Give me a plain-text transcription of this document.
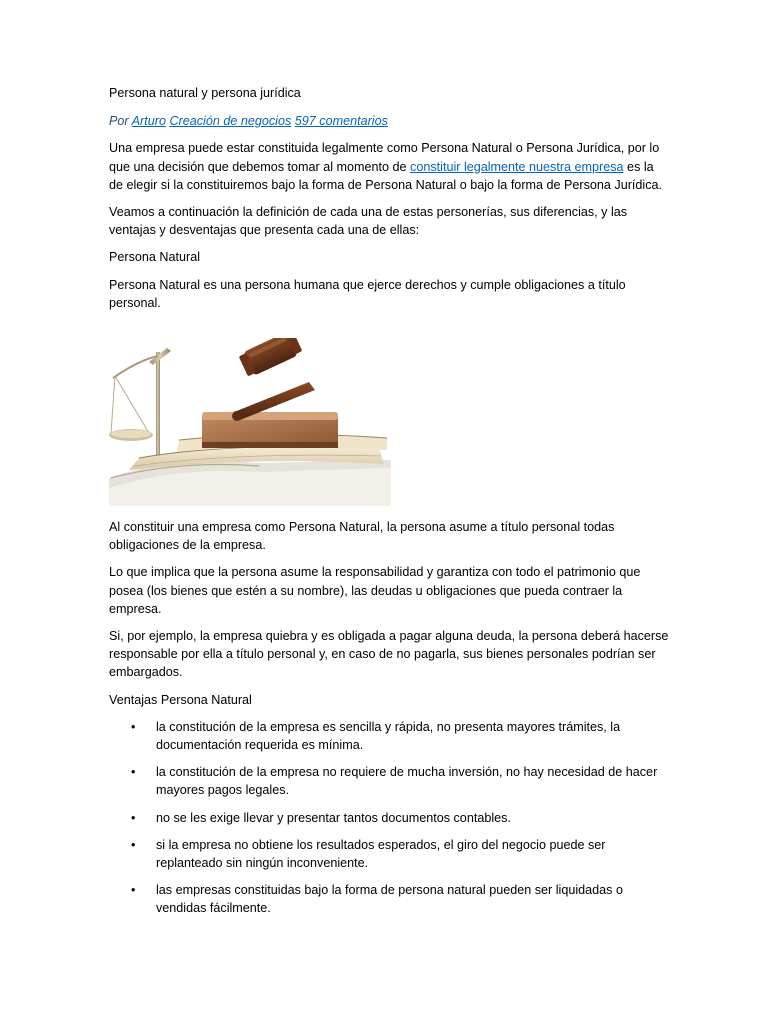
Persona natural y persona jurídica

Por Arturo Creación de negocios 597 comentarios

Una empresa puede estar constituida legalmente como Persona Natural o Persona Jurídica, por lo que una decisión que debemos tomar al momento de constituir legalmente nuestra empresa es la de elegir si la constituiremos bajo la forma de Persona Natural o bajo la forma de Persona Jurídica.

Veamos a continuación la definición de cada una de estas personerías, sus diferencias, y las ventajas y desventajas que presenta cada una de ellas:

Persona Natural

Persona Natural es una persona humana que ejerce derechos y cumple obligaciones a título personal.

Al constituir una empresa como Persona Natural, la persona asume a título personal todas obligaciones de la empresa.

Lo que implica que la persona asume la responsabilidad y garantiza con todo el patrimonio que posea (los bienes que estén a su nombre), las deudas u obligaciones que pueda contraer la empresa.

Si, por ejemplo, la empresa quiebra y es obligada a pagar alguna deuda, la persona deberá hacerse responsable por ella a título personal y, en caso de no pagarla, sus bienes personales podrían ser embargados.

Ventajas Persona Natural

• la constitución de la empresa es sencilla y rápida, no presenta mayores trámites, la documentación requerida es mínima.
• la constitución de la empresa no requiere de mucha inversión, no hay necesidad de hacer mayores pagos legales.
• no se les exige llevar y presentar tantos documentos contables.
• si la empresa no obtiene los resultados esperados, el giro del negocio puede ser replanteado sin ningún inconveniente.
• las empresas constituidas bajo la forma de persona natural pueden ser liquidadas o vendidas fácilmente.
